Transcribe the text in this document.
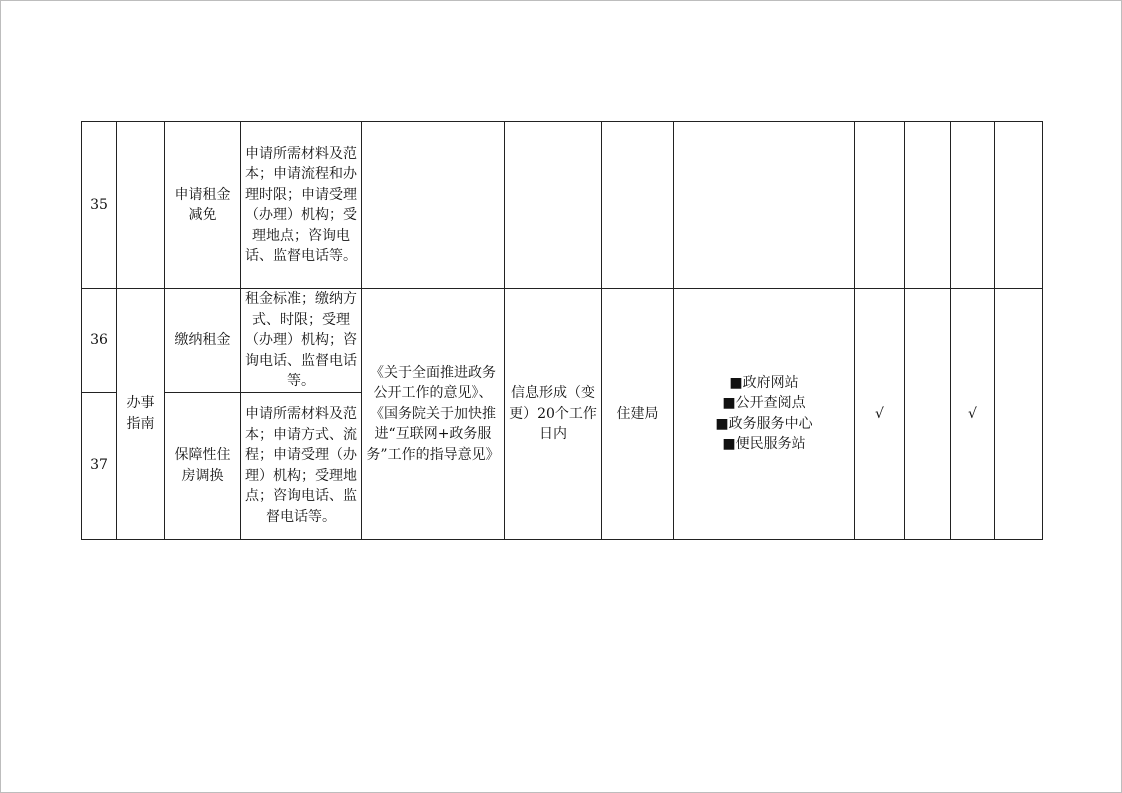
35		申请租金减免	申请所需材料及范本；申请流程和办理时限；申请受理（办理）机构；受理地点；咨询电话、监督电话等。								
36	办事指南	缴纳租金	租金标准；缴纳方式、时限；受理（办理）机构；咨询电话、监督电话等。	《关于全面推进政务公开工作的意见》、《国务院关于加快推进“互联网+政务服务”工作的指导意见》	信息形成（变更）20个工作日内	住建局	■政府网站
■公开查阅点
■政务服务中心
■便民服务站	√		√	
37		保障性住房调换	申请所需材料及范本；申请方式、流程；申请受理（办理）机构；受理地点；咨询电话、监督电话等。								
